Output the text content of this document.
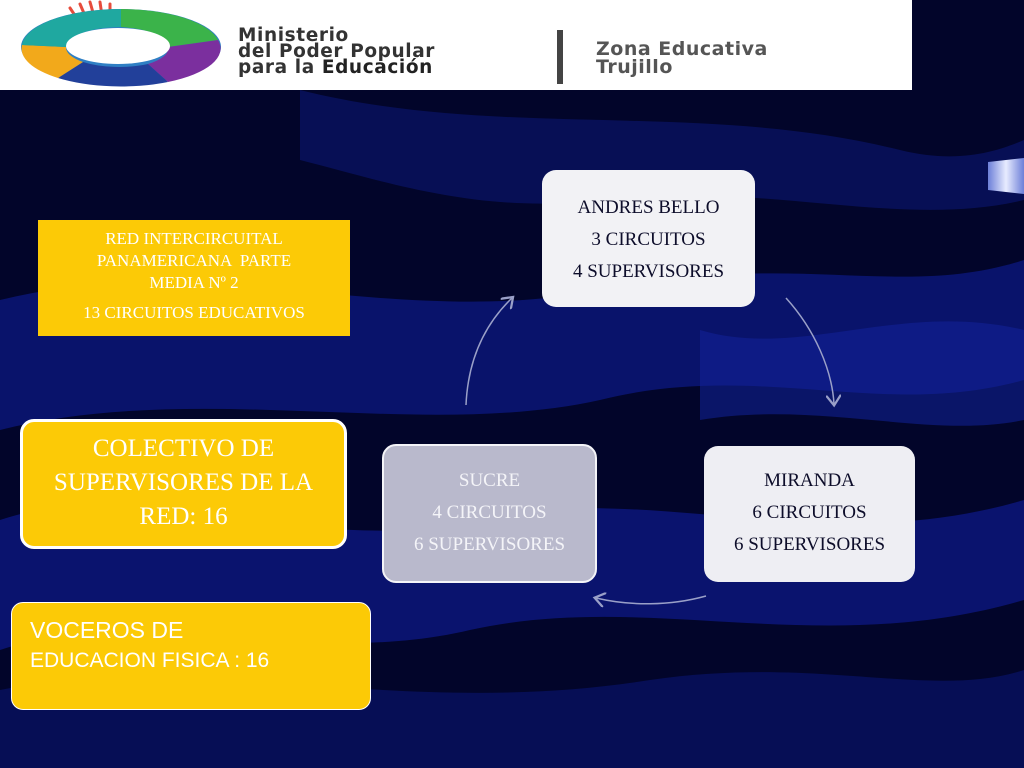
Ministerio
del Poder Popular
para la Educación
Zona Educativa
Trujillo
RED INTERCIRCUITAL
PANAMERICANA  PARTE
MEDIA Nº 2
13 CIRCUITOS EDUCATIVOS
COLECTIVO DE
SUPERVISORES DE LA
RED: 16
VOCEROS DE
EDUCACION FISICA : 16
ANDRES BELLO
3 CIRCUITOS
4 SUPERVISORES
MIRANDA
6 CIRCUITOS
6 SUPERVISORES
SUCRE
4 CIRCUITOS
6 SUPERVISORES
